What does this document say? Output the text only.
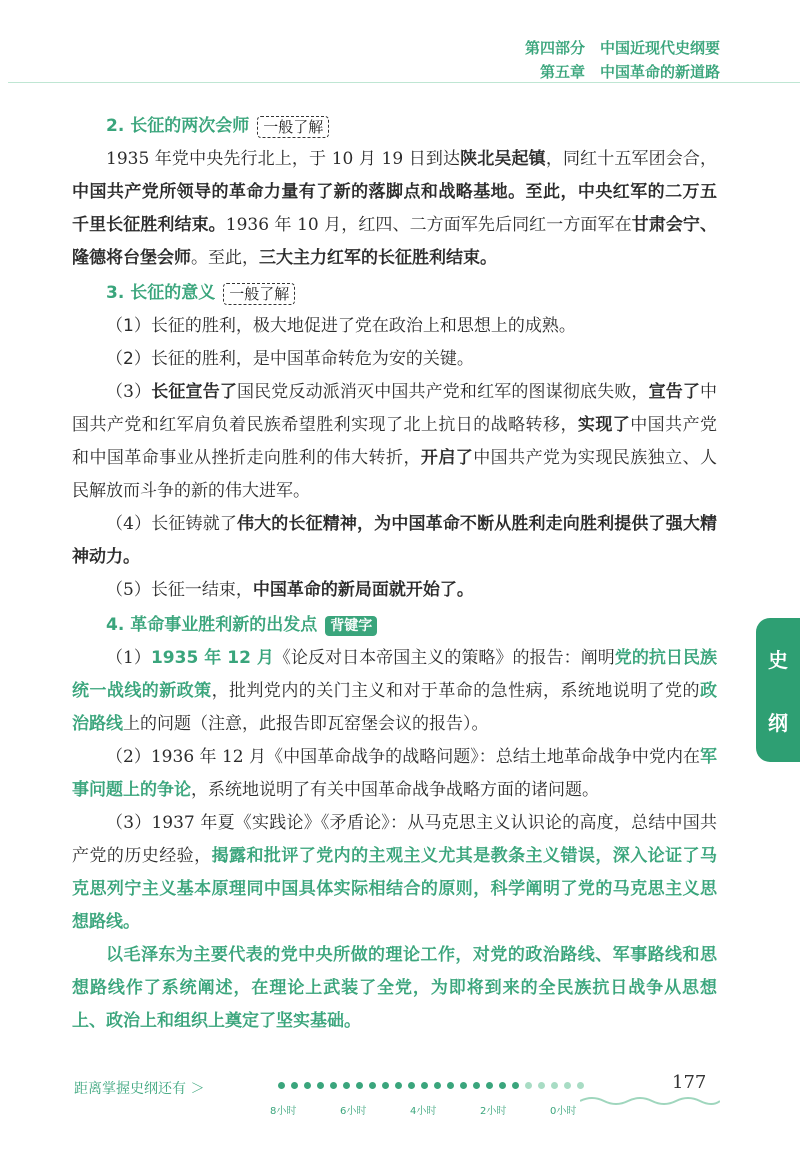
第四部分　中国近现代史纲要
第五章　中国革命的新道路
2. 长征的两次会师 一般了解

1935 年党中央先行北上，于 10 月 19 日到达陕北吴起镇，同红十五军团会合，中国共产党所领导的革命力量有了新的落脚点和战略基地。至此，中央红军的二万五千里长征胜利结束。1936 年 10 月，红四、二方面军先后同红一方面军在甘肃会宁、隆德将台堡会师。至此，三大主力红军的长征胜利结束。

3. 长征的意义 一般了解

（1）长征的胜利，极大地促进了党在政治上和思想上的成熟。

（2）长征的胜利，是中国革命转危为安的关键。

（3）长征宣告了国民党反动派消灭中国共产党和红军的图谋彻底失败，宣告了中国共产党和红军肩负着民族希望胜利实现了北上抗日的战略转移，实现了中国共产党和中国革命事业从挫折走向胜利的伟大转折，开启了中国共产党为实现民族独立、人民解放而斗争的新的伟大进军。

（4）长征铸就了伟大的长征精神，为中国革命不断从胜利走向胜利提供了强大精神动力。

（5）长征一结束，中国革命的新局面就开始了。

4. 革命事业胜利新的出发点 背键字

（1）1935 年 12 月《论反对日本帝国主义的策略》的报告：阐明党的抗日民族统一战线的新政策，批判党内的关门主义和对于革命的急性病，系统地说明了党的政治路线上的问题（注意，此报告即瓦窑堡会议的报告）。

（2）1936 年 12 月《中国革命战争的战略问题》：总结土地革命战争中党内在军事问题上的争论，系统地说明了有关中国革命战争战略方面的诸问题。

（3）1937 年夏《实践论》《矛盾论》：从马克思主义认识论的高度，总结中国共产党的历史经验，揭露和批评了党内的主观主义尤其是教条主义错误，深入论证了马克思列宁主义基本原理同中国具体实际相结合的原则，科学阐明了党的马克思主义思想路线。

以毛泽东为主要代表的党中央所做的理论工作，对党的政治路线、军事路线和思想路线作了系统阐述，在理论上武装了全党，为即将到来的全民族抗日战争从思想上、政治上和组织上奠定了坚实基础。

史
纲
距离掌握史纲还有 ＞
8小时	6小时	4小时	2小时	0小时
177
